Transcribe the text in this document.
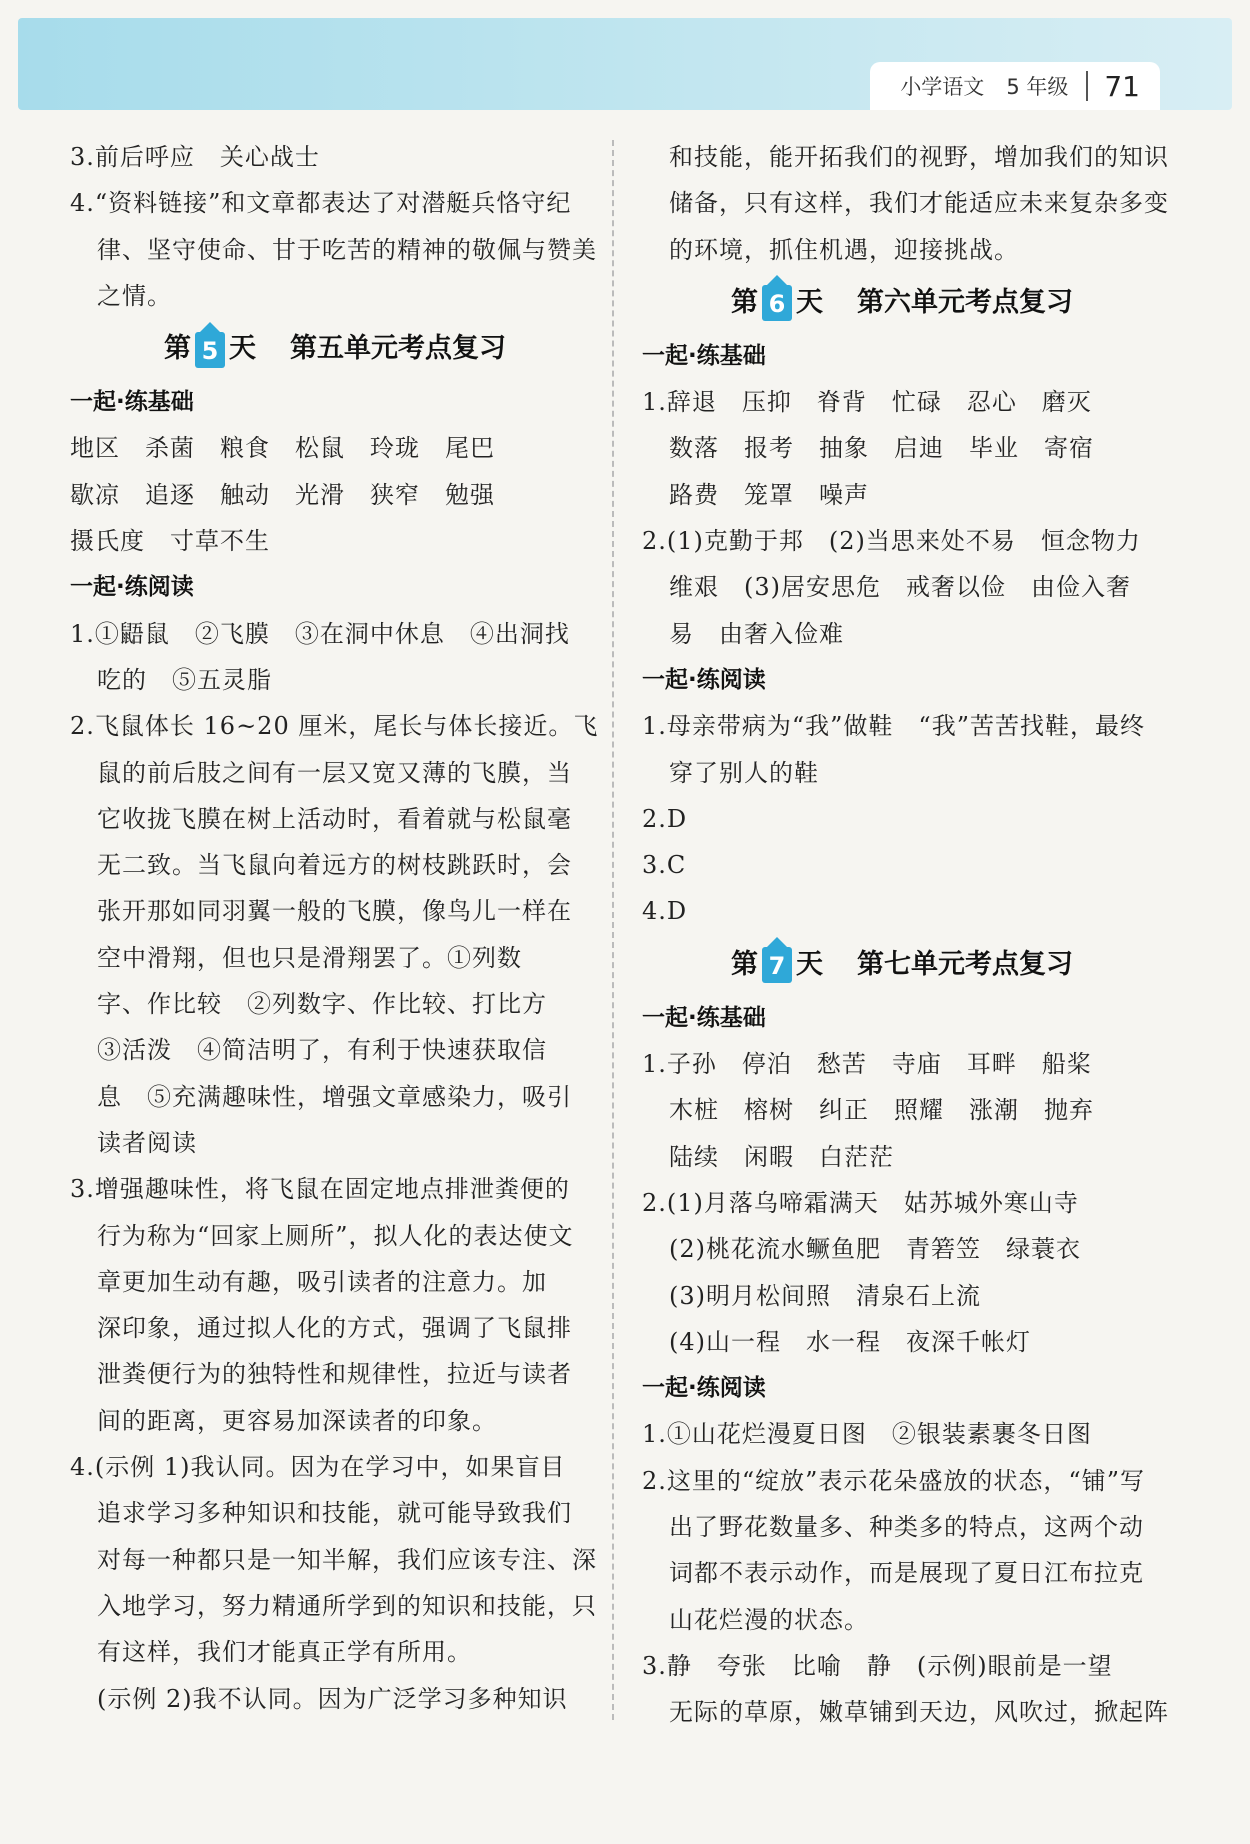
小学语文 5 年级 71
3.前后呼应　关心战士
4.“资料链接”和文章都表达了对潜艇兵恪守纪
律、坚守使命、甘于吃苦的精神的敬佩与赞美
之情。
第 5 天 第五单元考点复习
一起·练基础
地区　杀菌　粮食　松鼠　玲珑　尾巴
歇凉　追逐　触动　光滑　狭窄　勉强
摄氏度　寸草不生
一起·练阅读
1.①鼯鼠　②飞膜　③在洞中休息　④出洞找
吃的　⑤五灵脂
2.飞鼠体长 16~20 厘米，尾长与体长接近。飞
鼠的前后肢之间有一层又宽又薄的飞膜，当
它收拢飞膜在树上活动时，看着就与松鼠毫
无二致。当飞鼠向着远方的树枝跳跃时，会
张开那如同羽翼一般的飞膜，像鸟儿一样在
空中滑翔，但也只是滑翔罢了。①列数
字、作比较　②列数字、作比较、打比方
③活泼　④简洁明了，有利于快速获取信
息　⑤充满趣味性，增强文章感染力，吸引
读者阅读
3.增强趣味性，将飞鼠在固定地点排泄粪便的
行为称为“回家上厕所”，拟人化的表达使文
章更加生动有趣，吸引读者的注意力。加
深印象，通过拟人化的方式，强调了飞鼠排
泄粪便行为的独特性和规律性，拉近与读者
间的距离，更容易加深读者的印象。
4.(示例 1)我认同。因为在学习中，如果盲目
追求学习多种知识和技能，就可能导致我们
对每一种都只是一知半解，我们应该专注、深
入地学习，努力精通所学到的知识和技能，只
有这样，我们才能真正学有所用。
(示例 2)我不认同。因为广泛学习多种知识
和技能，能开拓我们的视野，增加我们的知识
储备，只有这样，我们才能适应未来复杂多变
的环境，抓住机遇，迎接挑战。
第 6 天 第六单元考点复习
一起·练基础
1.辞退　压抑　脊背　忙碌　忍心　磨灭
数落　报考　抽象　启迪　毕业　寄宿
路费　笼罩　噪声
2.(1)克勤于邦　(2)当思来处不易　恒念物力
维艰　(3)居安思危　戒奢以俭　由俭入奢
易　由奢入俭难
一起·练阅读
1.母亲带病为“我”做鞋　“我”苦苦找鞋，最终
穿了别人的鞋
2.D
3.C
4.D
第 7 天 第七单元考点复习
一起·练基础
1.子孙　停泊　愁苦　寺庙　耳畔　船桨
木桩　榕树　纠正　照耀　涨潮　抛弃
陆续　闲暇　白茫茫
2.(1)月落乌啼霜满天　姑苏城外寒山寺
(2)桃花流水鳜鱼肥　青箬笠　绿蓑衣
(3)明月松间照　清泉石上流
(4)山一程　水一程　夜深千帐灯
一起·练阅读
1.①山花烂漫夏日图　②银装素裹冬日图
2.这里的“绽放”表示花朵盛放的状态，“铺”写
出了野花数量多、种类多的特点，这两个动
词都不表示动作，而是展现了夏日江布拉克
山花烂漫的状态。
3.静　夸张　比喻　静　(示例)眼前是一望
无际的草原，嫩草铺到天边，风吹过，掀起阵
